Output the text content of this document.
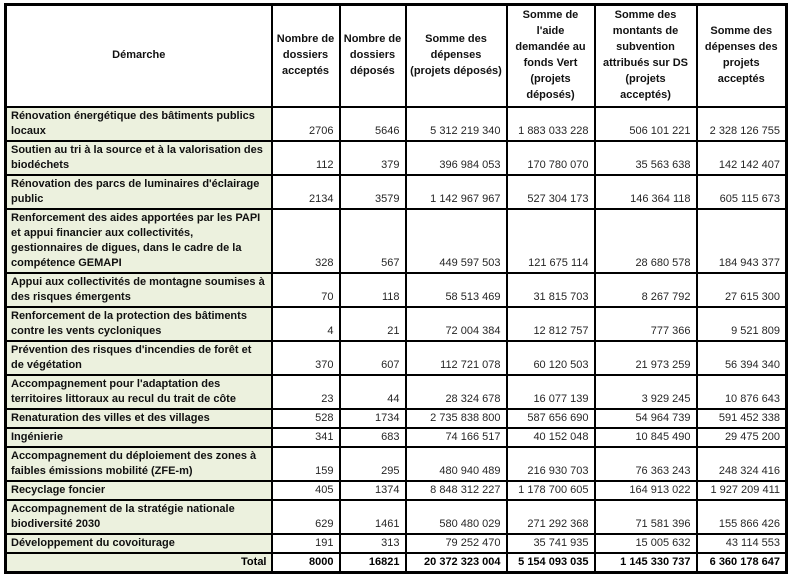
Démarche	Nombre de dossiers acceptés	Nombre de dossiers déposés	Somme des dépenses (projets déposés)	Somme de l'aide demandée au fonds Vert (projets déposés)	Somme des montants de subvention attribués sur DS (projets acceptés)	Somme des dépenses des projets acceptés
Rénovation énergétique des bâtiments publics locaux	2706	5646	5 312 219 340	1 883 033 228	506 101 221	2 328 126 755
Soutien au tri à la source et à la valorisation des biodéchets	112	379	396 984 053	170 780 070	35 563 638	142 142 407
Rénovation des parcs de luminaires d'éclairage public	2134	3579	1 142 967 967	527 304 173	146 364 118	605 115 673
Renforcement des aides apportées par les PAPI et appui financier aux collectivités, gestionnaires de digues, dans le cadre de la compétence GEMAPI	328	567	449 597 503	121 675 114	28 680 578	184 943 377
Appui aux collectivités de montagne soumises à des risques émergents	70	118	58 513 469	31 815 703	8 267 792	27 615 300
Renforcement de la protection des bâtiments contre les vents cycloniques	4	21	72 004 384	12 812 757	777 366	9 521 809
Prévention des risques d'incendies de forêt et de végétation	370	607	112 721 078	60 120 503	21 973 259	56 394 340
Accompagnement pour l'adaptation des territoires littoraux au recul du trait de côte	23	44	28 324 678	16 077 139	3 929 245	10 876 643
Renaturation des villes et des villages	528	1734	2 735 838 800	587 656 690	54 964 739	591 452 338
Ingénierie	341	683	74 166 517	40 152 048	10 845 490	29 475 200
Accompagnement du déploiement des zones à faibles émissions mobilité (ZFE-m)	159	295	480 940 489	216 930 703	76 363 243	248 324 416
Recyclage foncier	405	1374	8 848 312 227	1 178 700 605	164 913 022	1 927 209 411
Accompagnement de la stratégie nationale biodiversité 2030	629	1461	580 480 029	271 292 368	71 581 396	155 866 426
Développement du covoiturage	191	313	79 252 470	35 741 935	15 005 632	43 114 553
Total	8000	16821	20 372 323 004	5 154 093 035	1 145 330 737	6 360 178 647
